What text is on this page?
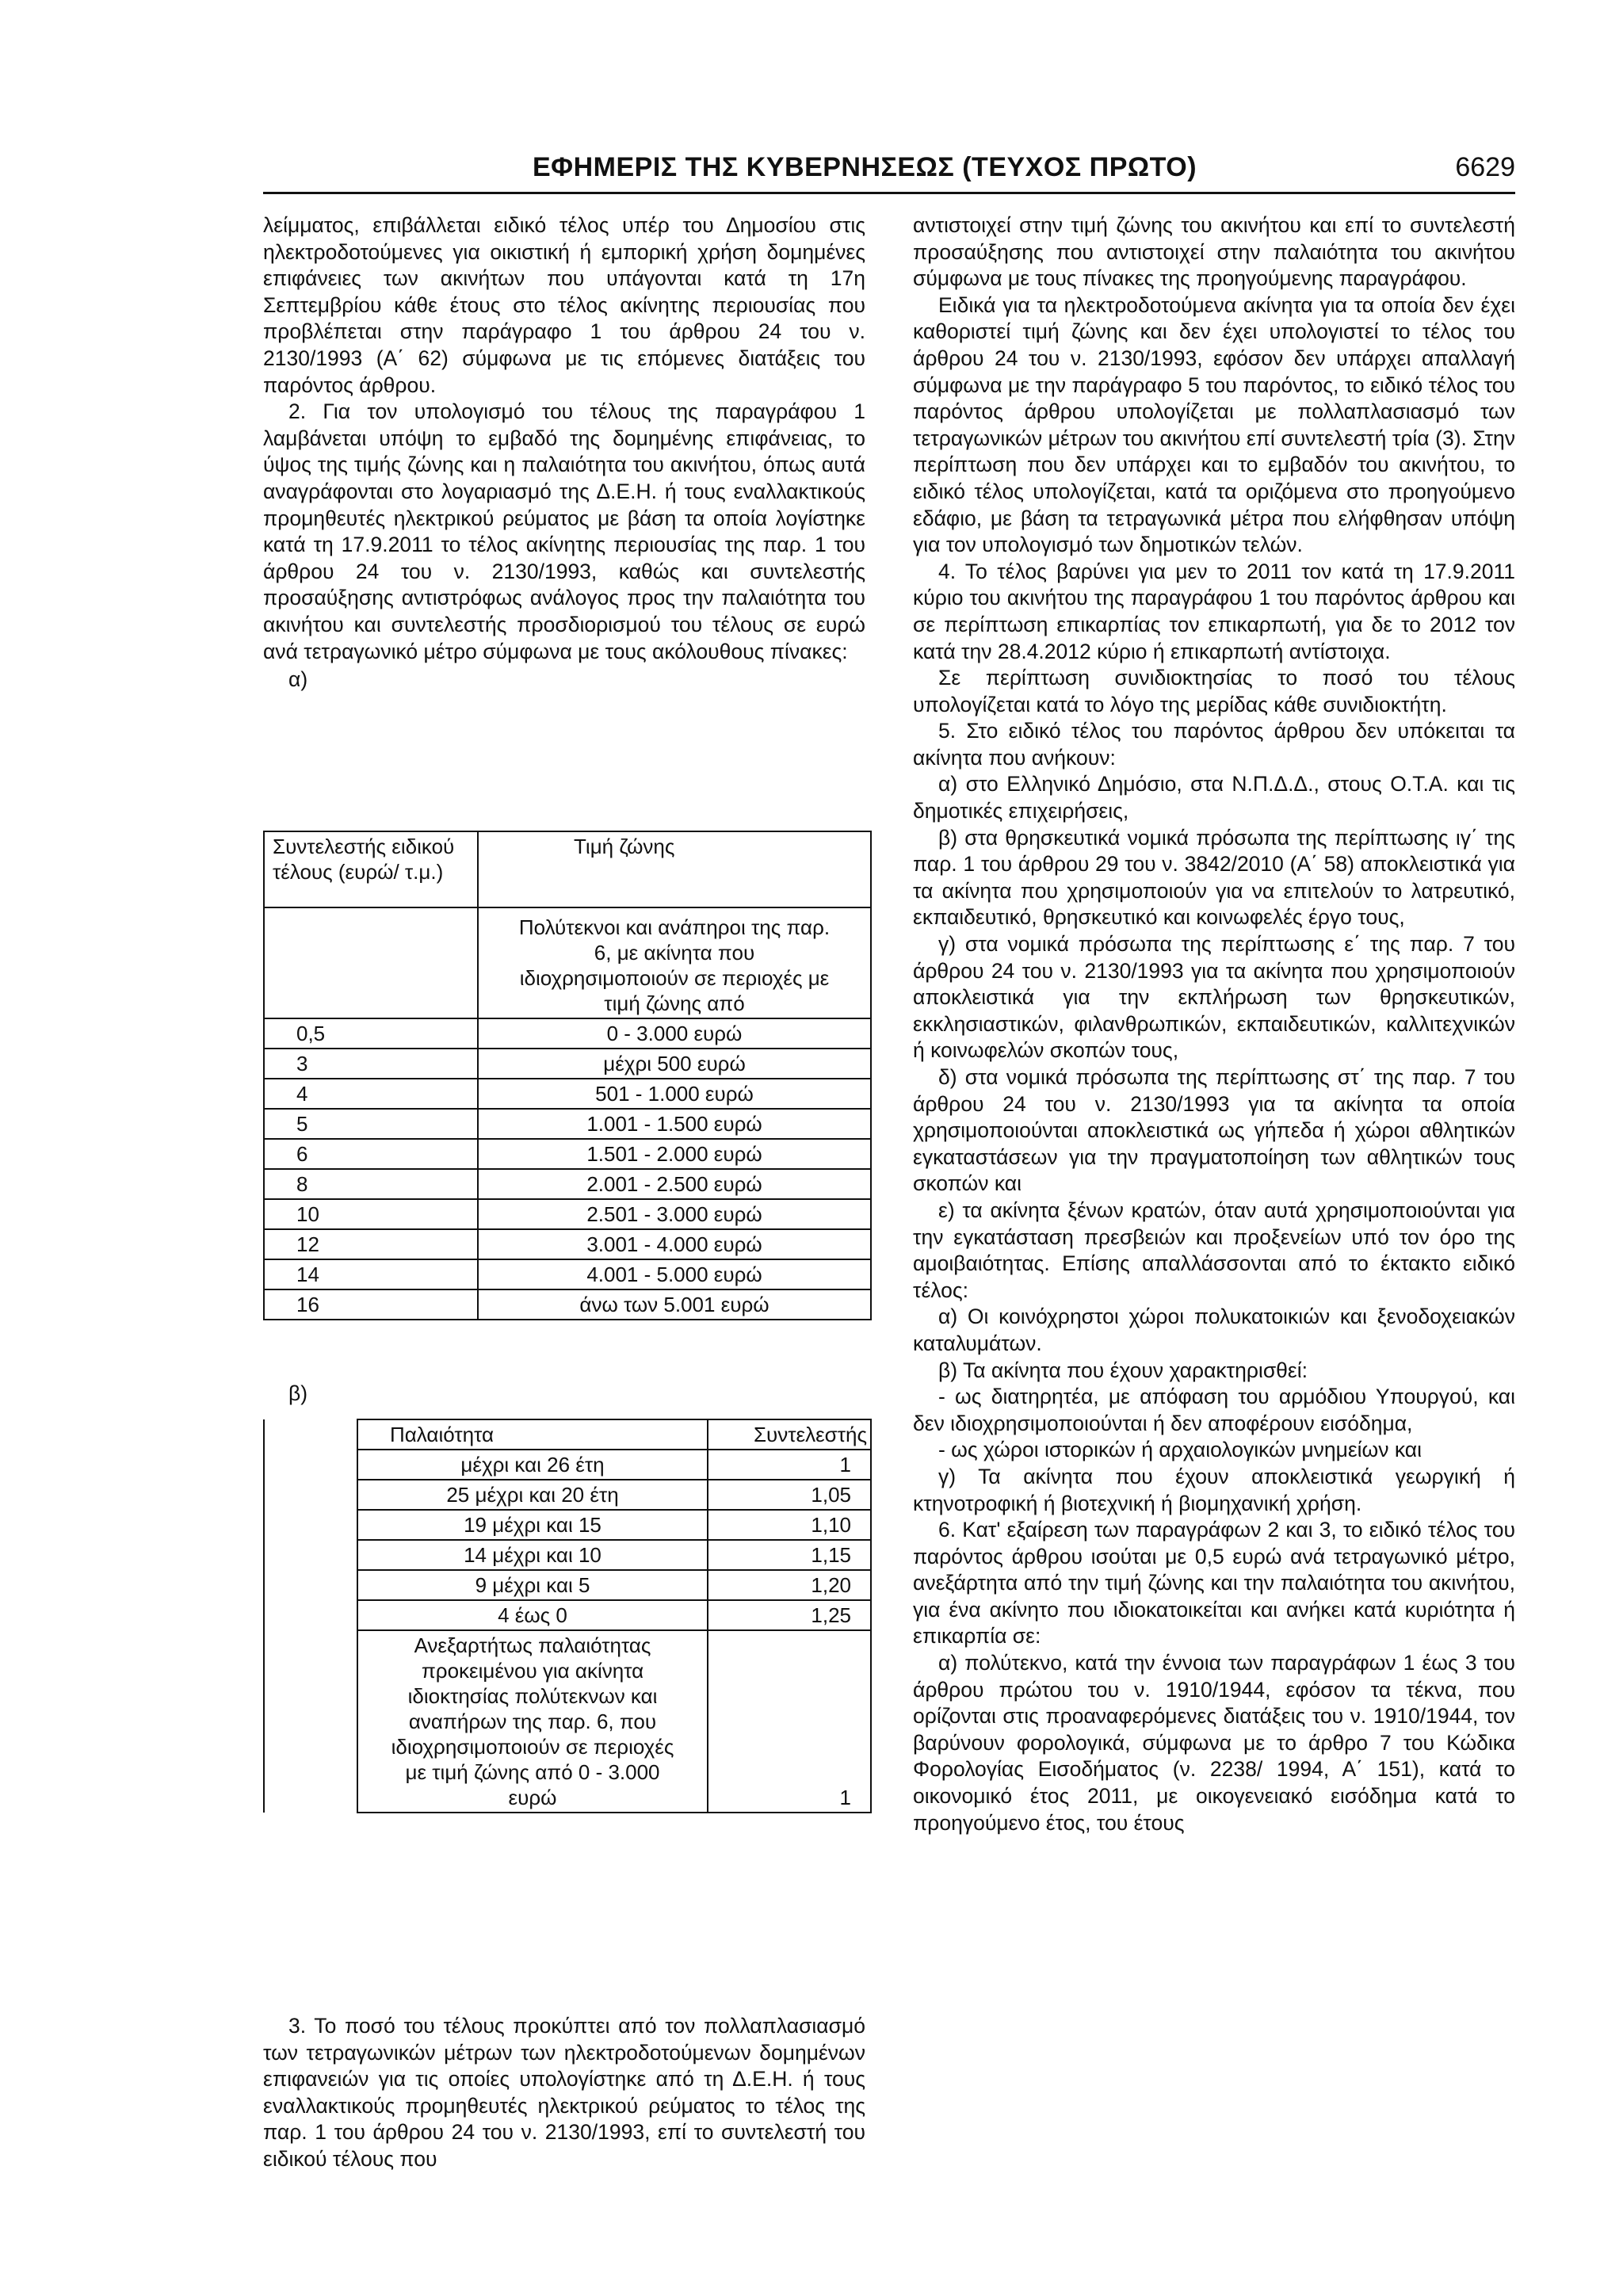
ΕΦΗΜΕΡΙΣ ΤΗΣ ΚΥΒΕΡΝΗΣΕΩΣ (ΤΕΥΧΟΣ ΠΡΩΤΟ)	6629

λείμματος, επιβάλλεται ειδικό τέλος υπέρ του Δημοσίου στις ηλεκτροδοτούμενες για οικιστική ή εμπορική χρήση δομημένες επιφάνειες των ακινήτων που υπάγονται κατά τη 17η Σεπτεμβρίου κάθε έτους στο τέλος ακίνητης περιουσίας που προβλέπεται στην παράγραφο 1 του άρθρου 24 του ν. 2130/1993 (Α΄ 62) σύμφωνα με τις επόμενες διατάξεις του παρόντος άρθρου.

2. Για τον υπολογισμό του τέλους της παραγράφου 1 λαμβάνεται υπόψη το εμβαδό της δομημένης επιφάνειας, το ύψος της τιμής ζώνης και η παλαιότητα του ακινήτου, όπως αυτά αναγράφονται στο λογαριασμό της Δ.Ε.Η. ή τους εναλλακτικούς προμηθευτές ηλεκτρικού ρεύματος με βάση τα οποία λογίστηκε κατά τη 17.9.2011 το τέλος ακίνητης περιουσίας της παρ. 1 του άρθρου 24 του ν. 2130/1993, καθώς και συντελεστής προσαύξησης αντιστρόφως ανάλογος προς την παλαιότητα του ακινήτου και συντελεστής προσδιορισμού του τέλους σε ευρώ ανά τετραγωνικό μέτρο σύμφωνα με τους ακόλουθους πίνακες:

α)

Συντελεστής ειδικού τέλους (ευρώ/ τ.μ.)	Τιμή ζώνης
	Πολύτεκνοι και ανάπηροι της παρ. 6, με ακίνητα που ιδιοχρησιμοποιούν σε περιοχές με τιμή ζώνης από
0,5	0 - 3.000 ευρώ
3	μέχρι 500 ευρώ
4	501 - 1.000 ευρώ
5	1.001 - 1.500 ευρώ
6	1.501 - 2.000 ευρώ
8	2.001 - 2.500 ευρώ
10	2.501 - 3.000 ευρώ
12	3.001 - 4.000 ευρώ
14	4.001 - 5.000 ευρώ
16	άνω των 5.001 ευρώ

β)

	Παλαιότητα	Συντελεστής
	μέχρι και 26 έτη	1
	25 μέχρι και 20 έτη	1,05
	19 μέχρι και 15	1,10
	14 μέχρι και 10	1,15
	9 μέχρι και 5	1,20
	4 έως 0	1,25
	Ανεξαρτήτως παλαιότητας προκειμένου για ακίνητα ιδιοκτησίας πολύτεκνων και αναπήρων της παρ. 6, που ιδιοχρησιμοποιούν σε περιοχές με τιμή ζώνης από 0 - 3.000 ευρώ	1

3. Το ποσό του τέλους προκύπτει από τον πολλαπλασιασμό των τετραγωνικών μέτρων των ηλεκτροδοτούμενων δομημένων επιφανειών για τις οποίες υπολογίστηκε από τη Δ.Ε.Η. ή τους εναλλακτικούς προμηθευτές ηλεκτρικού ρεύματος το τέλος της παρ. 1 του άρθρου 24 του ν. 2130/1993, επί το συντελεστή του ειδικού τέλους που

αντιστοιχεί στην τιμή ζώνης του ακινήτου και επί το συντελεστή προσαύξησης που αντιστοιχεί στην παλαιότητα του ακινήτου σύμφωνα με τους πίνακες της προηγούμενης παραγράφου.

Ειδικά για τα ηλεκτροδοτούμενα ακίνητα για τα οποία δεν έχει καθοριστεί τιμή ζώνης και δεν έχει υπολογιστεί το τέλος του άρθρου 24 του ν. 2130/1993, εφόσον δεν υπάρχει απαλλαγή σύμφωνα με την παράγραφο 5 του παρόντος, το ειδικό τέλος του παρόντος άρθρου υπολογίζεται με πολλαπλασιασμό των τετραγωνικών μέτρων του ακινήτου επί συντελεστή τρία (3). Στην περίπτωση που δεν υπάρχει και το εμβαδόν του ακινήτου, το ειδικό τέλος υπολογίζεται, κατά τα οριζόμενα στο προηγούμενο εδάφιο, με βάση τα τετραγωνικά μέτρα που ελήφθησαν υπόψη για τον υπολογισμό των δημοτικών τελών.

4. Το τέλος βαρύνει για μεν το 2011 τον κατά τη 17.9.2011 κύριο του ακινήτου της παραγράφου 1 του παρόντος άρθρου και σε περίπτωση επικαρπίας τον επικαρπωτή, για δε το 2012 τον κατά την 28.4.2012 κύριο ή επικαρπωτή αντίστοιχα.

Σε περίπτωση συνιδιοκτησίας το ποσό του τέλους υπολογίζεται κατά το λόγο της μερίδας κάθε συνιδιοκτήτη.

5. Στο ειδικό τέλος του παρόντος άρθρου δεν υπόκειται τα ακίνητα που ανήκουν:

α) στο Ελληνικό Δημόσιο, στα Ν.Π.Δ.Δ., στους Ο.Τ.Α. και τις δημοτικές επιχειρήσεις,

β) στα θρησκευτικά νομικά πρόσωπα της περίπτωσης ιγ΄ της παρ. 1 του άρθρου 29 του ν. 3842/2010 (Α΄ 58) αποκλειστικά για τα ακίνητα που χρησιμοποιούν για να επιτελούν το λατρευτικό, εκπαιδευτικό, θρησκευτικό και κοινωφελές έργο τους,

γ) στα νομικά πρόσωπα της περίπτωσης ε΄ της παρ. 7 του άρθρου 24 του ν. 2130/1993 για τα ακίνητα που χρησιμοποιούν αποκλειστικά για την εκπλήρωση των θρησκευτικών, εκκλησιαστικών, φιλανθρωπικών, εκπαιδευτικών, καλλιτεχνικών ή κοινωφελών σκοπών τους,

δ) στα νομικά πρόσωπα της περίπτωσης στ΄ της παρ. 7 του άρθρου 24 του ν. 2130/1993 για τα ακίνητα τα οποία χρησιμοποιούνται αποκλειστικά ως γήπεδα ή χώροι αθλητικών εγκαταστάσεων για την πραγματοποίηση των αθλητικών τους σκοπών και

ε) τα ακίνητα ξένων κρατών, όταν αυτά χρησιμοποιούνται για την εγκατάσταση πρεσβειών και προξενείων υπό τον όρο της αμοιβαιότητας. Επίσης απαλλάσσονται από το έκτακτο ειδικό τέλος:

α) Οι κοινόχρηστοι χώροι πολυκατοικιών και ξενοδοχειακών καταλυμάτων.

β) Τα ακίνητα που έχουν χαρακτηρισθεί:

- ως διατηρητέα, με απόφαση του αρμόδιου Υπουργού, και δεν ιδιοχρησιμοποιούνται ή δεν αποφέρουν εισόδημα,

- ως χώροι ιστορικών ή αρχαιολογικών μνημείων και

γ) Τα ακίνητα που έχουν αποκλειστικά γεωργική ή κτηνοτροφική ή βιοτεχνική ή βιομηχανική χρήση.

6. Κατ' εξαίρεση των παραγράφων 2 και 3, το ειδικό τέλος του παρόντος άρθρου ισούται με 0,5 ευρώ ανά τετραγωνικό μέτρο, ανεξάρτητα από την τιμή ζώνης και την παλαιότητα του ακινήτου, για ένα ακίνητο που ιδιοκατοικείται και ανήκει κατά κυριότητα ή επικαρπία σε:

α) πολύτεκνο, κατά την έννοια των παραγράφων 1 έως 3 του άρθρου πρώτου του ν. 1910/1944, εφόσον τα τέκνα, που ορίζονται στις προαναφερόμενες διατάξεις του ν. 1910/1944, τον βαρύνουν φορολογικά, σύμφωνα με το άρθρο 7 του Κώδικα Φορολογίας Εισοδήματος (ν. 2238/ 1994, Α΄ 151), κατά το οικονομικό έτος 2011, με οικογενειακό εισόδημα κατά το προηγούμενο έτος, του έτους
